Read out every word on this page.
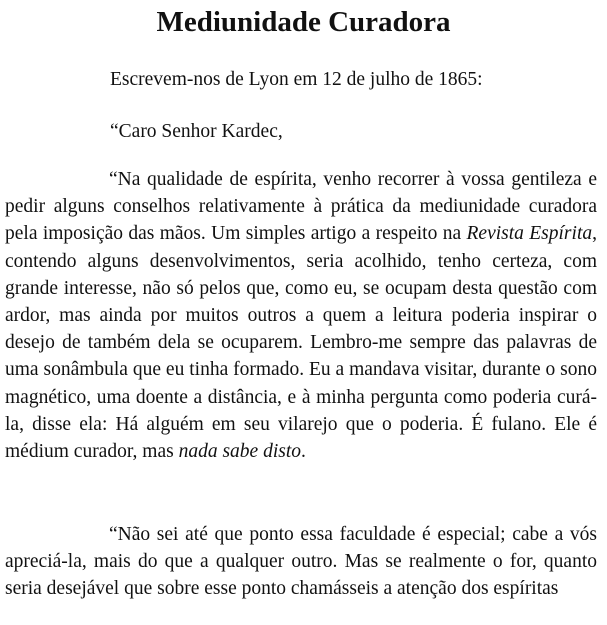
Mediunidade Curadora

Escrevem-nos de Lyon em 12 de julho de 1865:

“Caro Senhor Kardec,

“Na qualidade de espírita, venho recorrer à vossa gentileza e pedir alguns conselhos relativamente à prática da mediunidade curadora pela imposição das mãos. Um simples artigo a respeito na Revista Espírita, contendo alguns desenvolvimentos, seria acolhido, tenho certeza, com grande interesse, não só pelos que, como eu, se ocupam desta questão com ardor, mas ainda por muitos outros a quem a leitura poderia inspirar o desejo de também dela se ocuparem. Lembro-me sempre das palavras de uma sonâmbula que eu tinha formado. Eu a mandava visitar, durante o sono magnético, uma doente a distância, e à minha pergunta como poderia curá-la, disse ela: Há alguém em seu vilarejo que o poderia. É fulano. Ele é médium curador, mas nada sabe disto.

“Não sei até que ponto essa faculdade é especial; cabe a vós apreciá-la, mais do que a qualquer outro. Mas se realmente o for, quanto seria desejável que sobre esse ponto chamásseis a atenção dos espíritas
